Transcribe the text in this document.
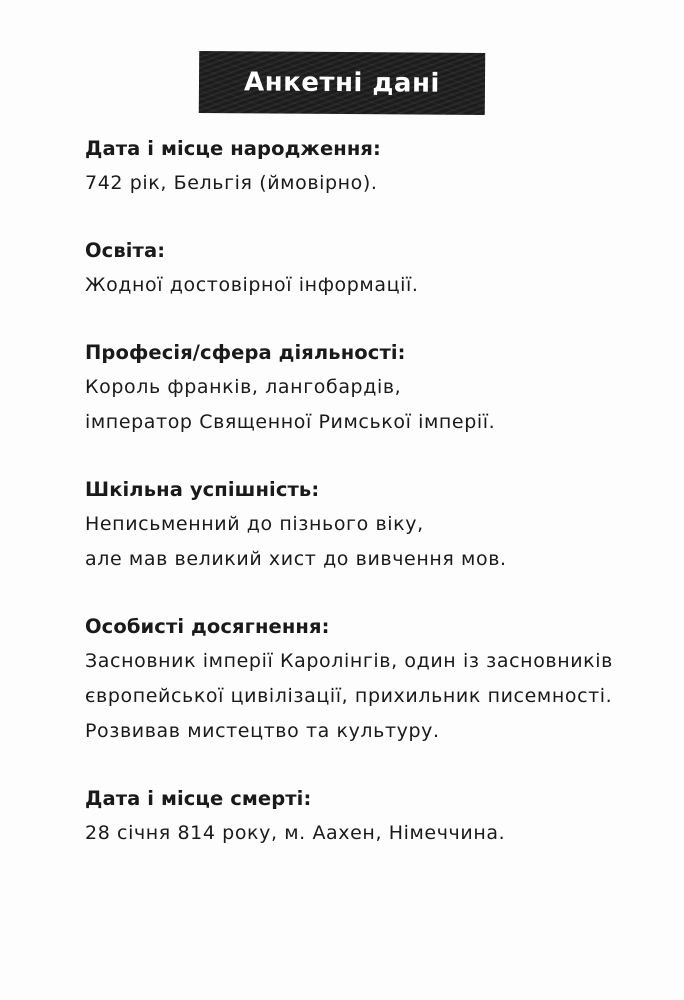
Анкетні дані

Дата і місце народження:

742 рік, Бельгія (ймовірно).

Освіта:

Жодної достовірної інформації.

Професія/сфера діяльності:

Король франків, лангобардів,

імператор Священної Римської імперії.

Шкільна успішність:

Неписьменний до пізнього віку,

але мав великий хист до вивчення мов.

Особисті досягнення:

Засновник імперії Каролінгів, один із засновників

європейської цивілізації, прихильник писемності.

Розвивав мистецтво та культуру.

Дата і місце смерті:

28 січня 814 року, м. Аахен, Німеччина.
